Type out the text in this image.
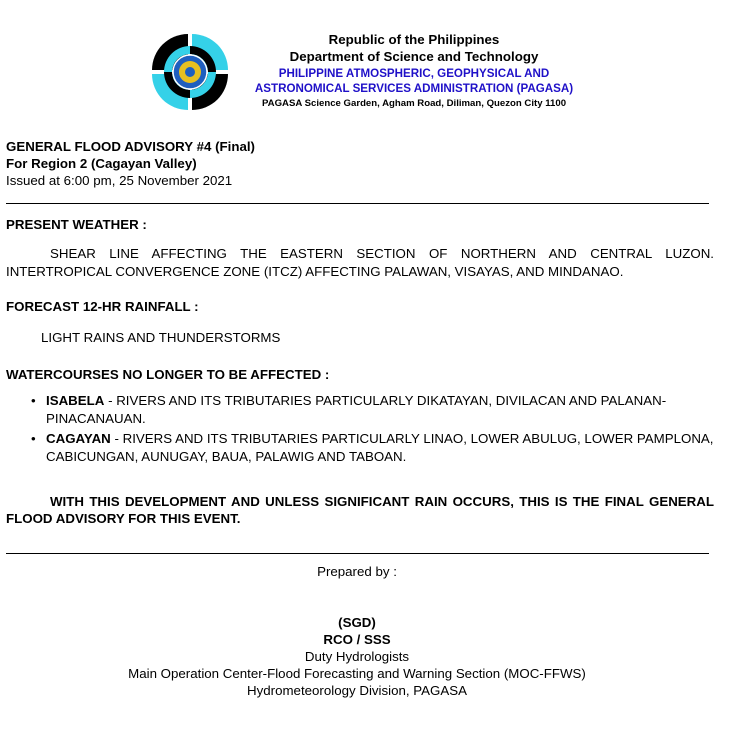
Republic of the Philippines
Department of Science and Technology
PHILIPPINE ATMOSPHERIC, GEOPHYSICAL AND
ASTRONOMICAL SERVICES ADMINISTRATION (PAGASA)
PAGASA Science Garden, Agham Road, Diliman, Quezon City 1100
GENERAL FLOOD ADVISORY #4 (Final)
For Region 2 (Cagayan Valley)
Issued at 6:00 pm, 25 November 2021
PRESENT WEATHER :
SHEAR LINE AFFECTING THE EASTERN SECTION OF NORTHERN AND CENTRAL LUZON. INTERTROPICAL CONVERGENCE ZONE (ITCZ) AFFECTING PALAWAN, VISAYAS, AND MINDANAO.
FORECAST 12-HR RAINFALL :
LIGHT RAINS AND THUNDERSTORMS
WATERCOURSES NO LONGER TO BE AFFECTED :
• ISABELA - RIVERS AND ITS TRIBUTARIES PARTICULARLY DIKATAYAN, DIVILACAN AND PALANAN-PINACANAUAN.
• CAGAYAN - RIVERS AND ITS TRIBUTARIES PARTICULARLY LINAO, LOWER ABULUG, LOWER PAMPLONA, CABICUNGAN, AUNUGAY, BAUA, PALAWIG AND TABOAN.
WITH THIS DEVELOPMENT AND UNLESS SIGNIFICANT RAIN OCCURS, THIS IS THE FINAL GENERAL FLOOD ADVISORY FOR THIS EVENT.
Prepared by :
(SGD)
RCO / SSS
Duty Hydrologists
Main Operation Center-Flood Forecasting and Warning Section (MOC-FFWS)
Hydrometeorology Division, PAGASA
